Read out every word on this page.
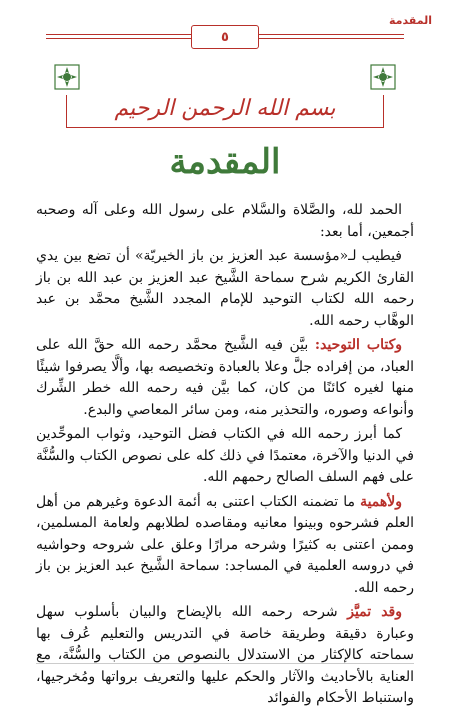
المقدمة
٥
بسم الله الرحمن الرحيم
المقدمة

الحمد لله، والصَّلاة والسَّلام على رسول الله وعلى آله وصحبه أجمعين، أما بعد:

فيطيب لـ«مؤسسة عبد العزيز بن باز الخيريّة» أن تضع بين يدي القارئ الكريم شرح سماحة الشَّيخ عبد العزيز بن عبد الله بن باز رحمه الله لكتاب التوحيد للإمام المجدد الشَّيخ محمَّد بن عبد الوهَّاب رحمه الله.

وكتاب التوحيد: بيَّن فيه الشَّيخ محمَّد رحمه الله حقَّ الله على العباد، من إفراده جلَّ وعلا بالعبادة وتخصيصه بها، وألَّا يصرفوا شيئًا منها لغيره كائنًا من كان، كما بيَّن فيه رحمه الله خطر الشِّرك وأنواعه وصوره، والتحذير منه، ومن سائر المعاصي والبدع.

كما أبرز رحمه الله في الكتاب فضل التوحيد، وثواب الموحِّدين في الدنيا والآخرة، معتمدًا في ذلك كله على نصوص الكتاب والسُّنَّة على فهم السلف الصالح رحمهم الله.

ولأهمية ما تضمنه الكتاب اعتنى به أئمة الدعوة وغيرهم من أهل العلم فشرحوه وبينوا معانيه ومقاصده لطلابهم ولعامة المسلمين، وممن اعتنى به كثيرًا وشرحه مرارًا وعلق على شروحه وحواشيه في دروسه العلمية في المساجد: سماحة الشَّيخ عبد العزيز بن باز رحمه الله.

وقد تميَّز شرحه رحمه الله بالإيضاح والبيان بأسلوب سهل وعبارة دقيقة وطريقة خاصة في التدريس والتعليم عُرف بها سماحته كالإكثار من الاستدلال بالنصوص من الكتاب والسُّنَّة، مع العناية بالأحاديث والآثار والحكم عليها والتعريف برواتها ومُخرجيها، واستنباط الأحكام والفوائد
